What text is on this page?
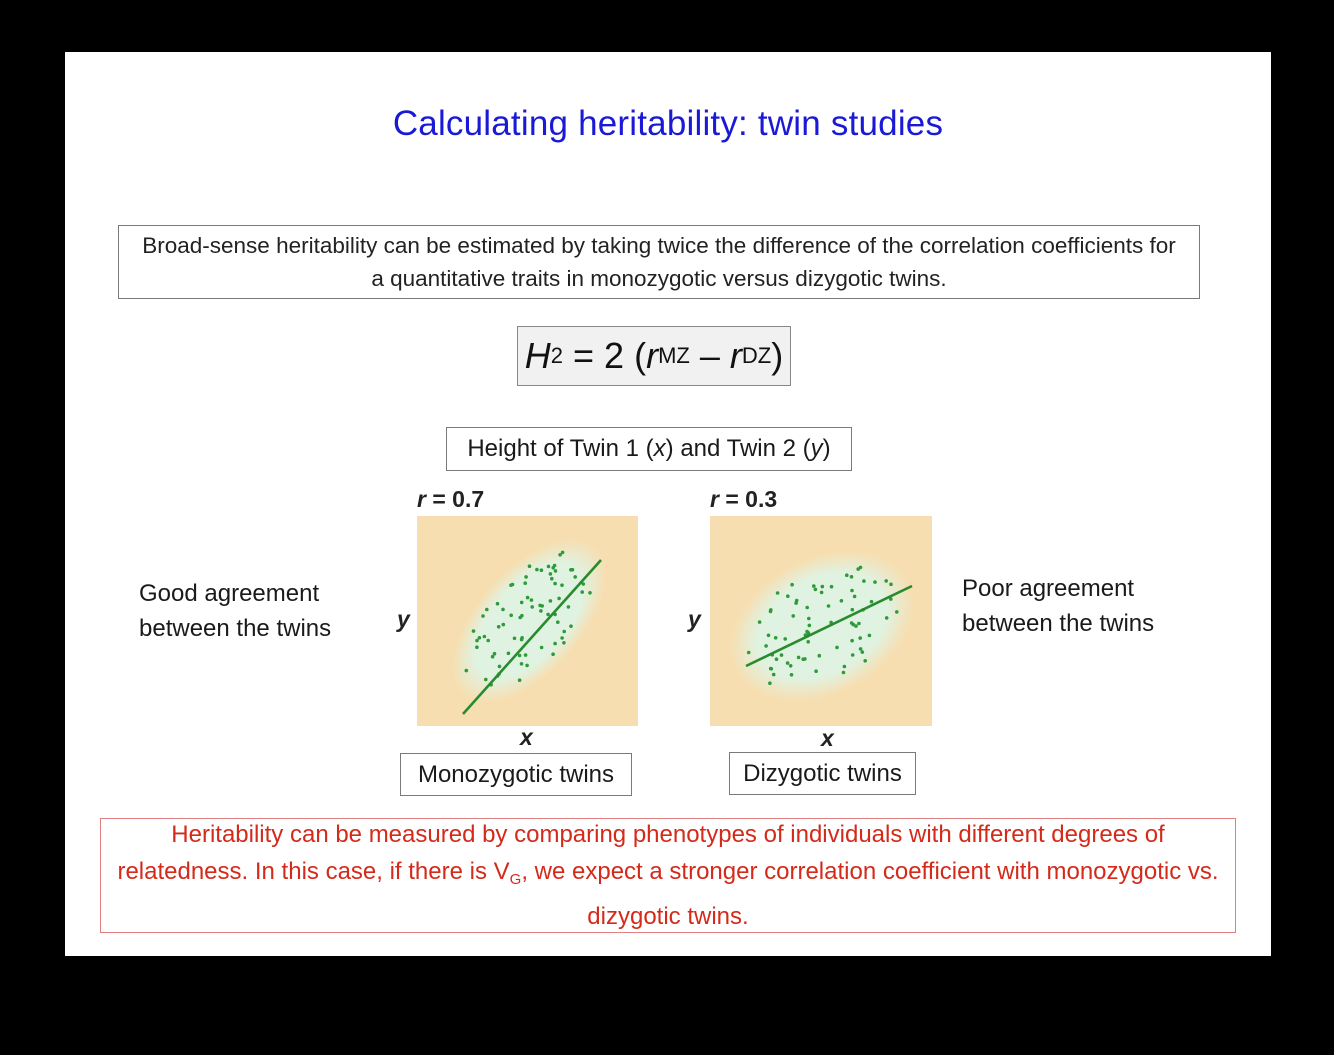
Calculating heritability: twin studies
Broad-sense heritability can be estimated by taking twice the difference of the correlation coefficients for a quantitative traits in monozygotic versus dizygotic twins.
H 2 = 2 ( r MZ – r DZ )
Height of Twin 1 ( x ) and Twin 2 ( y )
r = 0.7
y
x
Monozygotic twins
Good agreement
between the twins
r = 0.3
y
x
Dizygotic twins
Poor agreement
between the twins
Heritability can be measured by comparing phenotypes of individuals with different degrees of relatedness. In this case, if there is $V_G$, we expect a stronger correlation coefficient with monozygotic vs. dizygotic twins.
